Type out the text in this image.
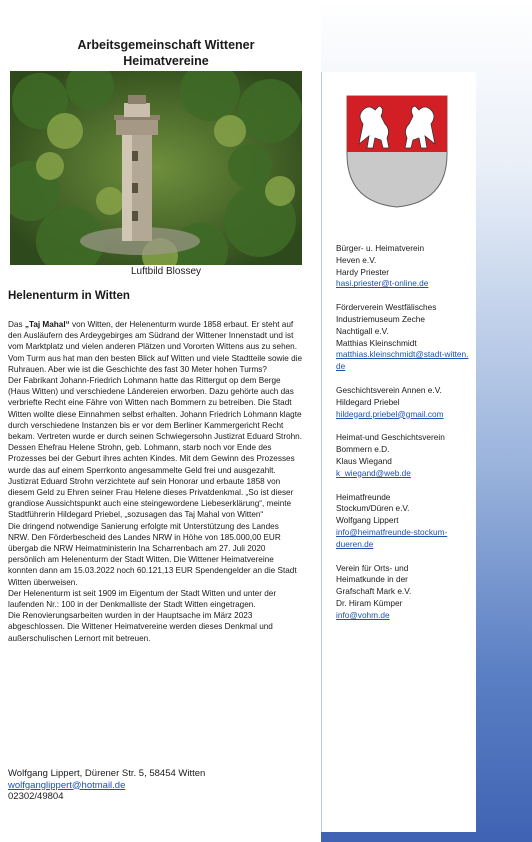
Arbeitsgemeinschaft Wittener
Heimatvereine
Luftbild Blossey
Helenenturm in Witten

Das „Taj Mahal“ von Witten, der Helenenturm wurde 1858 erbaut. Er steht auf den Ausläufern des Ardeygebirges am Südrand der Wittener Innenstadt und ist vom Marktplatz und vielen anderen Plätzen und Vororten Wittens aus zu sehen. Vom Turm aus hat man den besten Blick auf Witten und viele Stadtteile sowie die Ruhrauen. Aber wie ist die Geschichte des fast 30 Meter hohen Turms?

Der Fabrikant Johann-Friedrich Lohmann hatte das Rittergut op dem Berge (Haus Witten) und verschiedene Ländereien erworben. Dazu gehörte auch das verbriefte Recht eine Fähre von Witten nach Bommern zu betreiben. Die Stadt Witten wollte diese Einnahmen selbst erhalten. Johann Friedrich Lohmann klagte durch verschiedene Instanzen bis er vor dem Berliner Kammergericht Recht bekam. Vertreten wurde er durch seinen Schwiegersohn Justizrat Eduard Strohn. Dessen Ehefrau Helene Strohn, geb. Lohmann, starb noch vor Ende des Prozesses bei der Geburt ihres achten Kindes. Mit dem Gewinn des Prozesses wurde das auf einem Sperrkonto angesammelte Geld frei und ausgezahlt.

Justizrat Eduard Strohn verzichtete auf sein Honorar und erbaute 1858 von diesem Geld zu Ehren seiner Frau Helene dieses Privatdenkmal. „So ist dieser grandiose Aussichtspunkt auch eine steingewordene Liebeserklärung“, meinte Stadtführerin Hildegard Priebel, „sozusagen das Taj Mahal von Witten“

Die dringend notwendige Sanierung erfolgte mit Unterstützung des Landes NRW. Den Förderbescheid des Landes NRW in Höhe von 185.000,00 EUR übergab die NRW Heimatministerin Ina Scharrenbach am 27. Juli 2020 persönlich am Helenenturm der Stadt Witten. Die Wittener Heimatvereine konnten dann am 15.03.2022 noch 60.121,13 EUR Spendengelder an die Stadt Witten überweisen.

Der Helenenturm ist seit 1909 im Eigentum der Stadt Witten und unter der laufenden Nr.: 100 in der Denkmalliste der Stadt Witten eingetragen.

Die Renovierungsarbeiten wurden in der Hauptsache im März 2023 abgeschlossen. Die Wittener Heimatvereine werden dieses Denkmal und außerschulischen Lernort mit betreuen.

Wolfgang Lippert, Dürener Str. 5, 58454 Witten
wolfganglippert@hotmail.de
02302/49804
Bürger- u. Heimatverein
Heven e.V.
Hardy Priester
hasi.priester@t-online.de
Förderverein Westfälisches
Industriemuseum Zeche
Nachtigall e.V.
Matthias Kleinschmidt
matthias.kleinschmidt@stadt-witten.de
Geschichtsverein Annen e.V.
Hildegard Priebel
hildegard.priebel@gmail.com
Heimat-und Geschichtsverein
Bommern e.D.
Klaus Wiegand
k_wiegand@web.de
Heimatfreunde
Stockum/Düren e.V.
Wolfgang Lippert
info@heimatfreunde-stockum-dueren.de
Verein für Orts- und
Heimatkunde in der
Grafschaft Mark e.V.
Dr. Hiram Kümper
info@vohm.de
